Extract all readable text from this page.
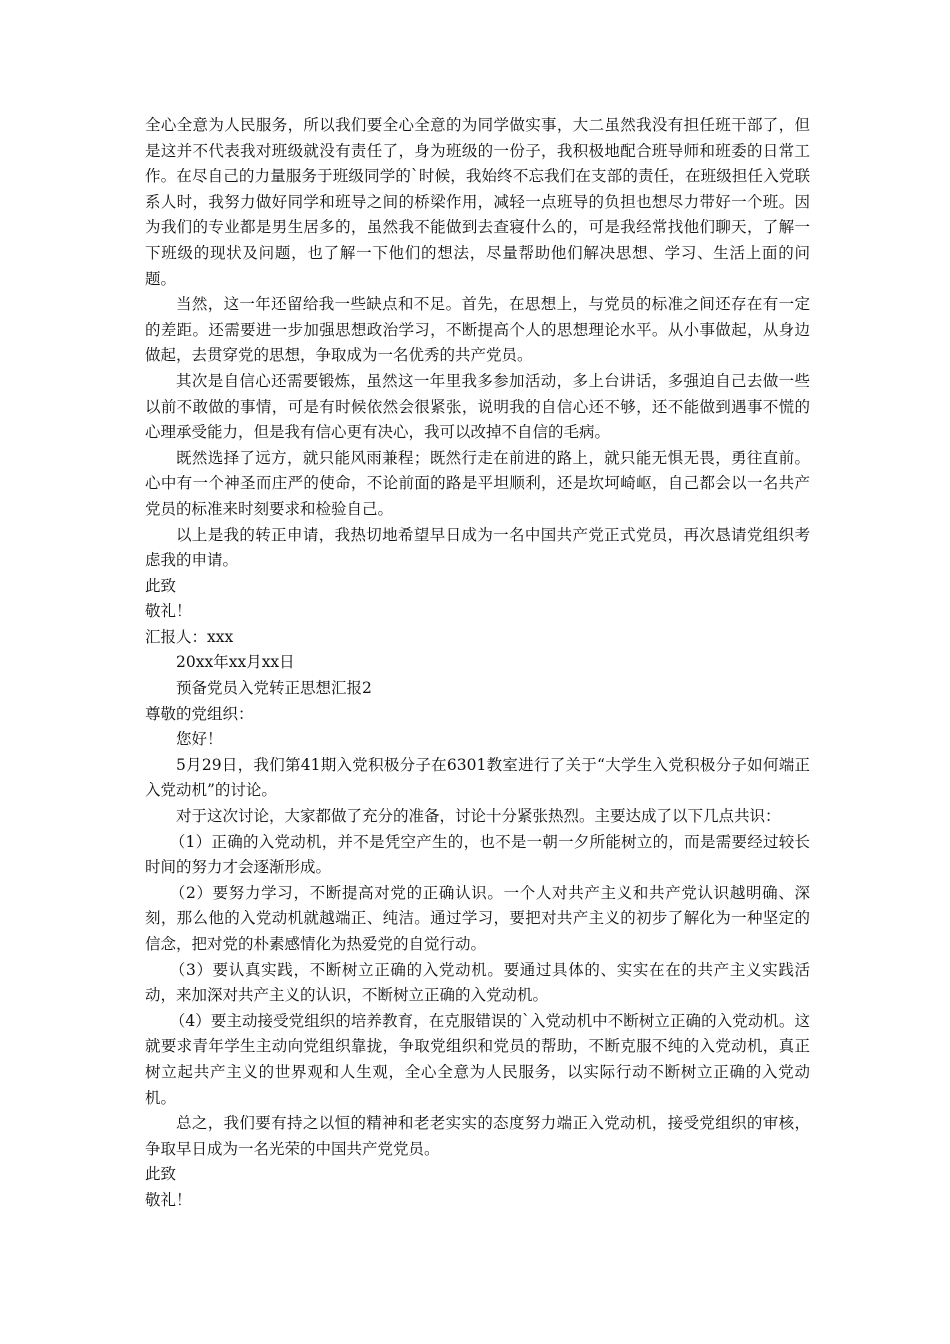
全心全意为人民服务，所以我们要全心全意的为同学做实事，大二虽然我没有担任班干部了，但是这并不代表我对班级就没有责任了，身为班级的一份子，我积极地配合班导师和班委的日常工作。在尽自己的力量服务于班级同学的`时候，我始终不忘我们在支部的责任，在班级担任入党联系人时，我努力做好同学和班导之间的桥梁作用，减轻一点班导的负担也想尽力带好一个班。因为我们的专业都是男生居多的，虽然我不能做到去查寝什么的，可是我经常找他们聊天，了解一下班级的现状及问题，也了解一下他们的想法，尽量帮助他们解决思想、学习、生活上面的问题。

当然，这一年还留给我一些缺点和不足。首先，在思想上，与党员的标准之间还存在有一定的差距。还需要进一步加强思想政治学习，不断提高个人的思想理论水平。从小事做起，从身边做起，去贯穿党的思想，争取成为一名优秀的共产党员。

其次是自信心还需要锻炼，虽然这一年里我多参加活动，多上台讲话，多强迫自己去做一些以前不敢做的事情，可是有时候依然会很紧张，说明我的自信心还不够，还不能做到遇事不慌的心理承受能力，但是我有信心更有决心，我可以改掉不自信的毛病。

既然选择了远方，就只能风雨兼程；既然行走在前进的路上，就只能无惧无畏，勇往直前。心中有一个神圣而庄严的使命，不论前面的路是平坦顺利，还是坎坷崎岖，自己都会以一名共产党员的标准来时刻要求和检验自己。

以上是我的转正申请，我热切地希望早日成为一名中国共产党正式党员，再次恳请党组织考虑我的申请。

此致

敬礼！

汇报人：xxx

20xx年xx月xx日

预备党员入党转正思想汇报2

尊敬的党组织：

您好！

5月29日，我们第41期入党积极分子在6301教室进行了关于“大学生入党积极分子如何端正入党动机”的讨论。

对于这次讨论，大家都做了充分的准备，讨论十分紧张热烈。主要达成了以下几点共识：

（1）正确的入党动机，并不是凭空产生的，也不是一朝一夕所能树立的，而是需要经过较长时间的努力才会逐渐形成。

（2）要努力学习，不断提高对党的正确认识。一个人对共产主义和共产党认识越明确、深刻，那么他的入党动机就越端正、纯洁。通过学习，要把对共产主义的初步了解化为一种坚定的信念，把对党的朴素感情化为热爱党的自觉行动。

（3）要认真实践，不断树立正确的入党动机。要通过具体的、实实在在的共产主义实践活动，来加深对共产主义的认识，不断树立正确的入党动机。

（4）要主动接受党组织的培养教育，在克服错误的`入党动机中不断树立正确的入党动机。这就要求青年学生主动向党组织靠拢，争取党组织和党员的帮助，不断克服不纯的入党动机，真正树立起共产主义的世界观和人生观，全心全意为人民服务，以实际行动不断树立正确的入党动机。

总之，我们要有持之以恒的精神和老老实实的态度努力端正入党动机，接受党组织的审核，争取早日成为一名光荣的中国共产党党员。

此致

敬礼！
